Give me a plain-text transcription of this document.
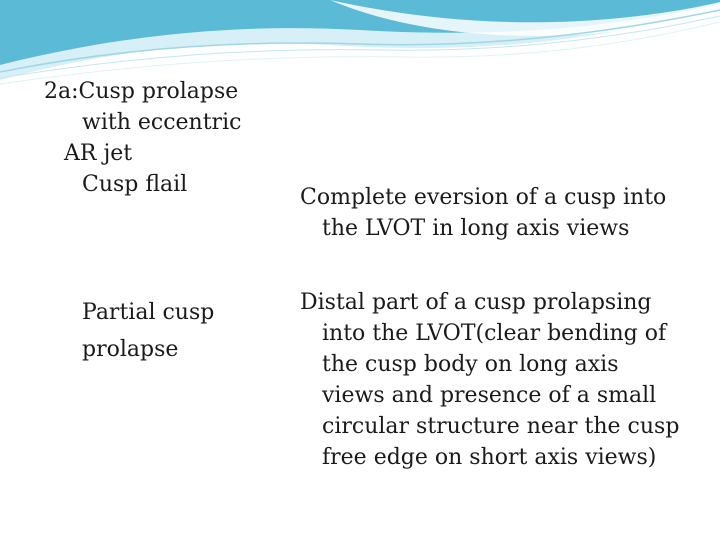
2a:Cusp prolapse
with eccentric
AR jet
Cusp flail
Complete eversion of a cusp into
the LVOT in long axis views
Partial cusp
prolapse
Distal part of a cusp prolapsing
into the LVOT(clear bending of
the cusp body on long axis
views and presence of a small
circular structure near the cusp
free edge on short axis views)
